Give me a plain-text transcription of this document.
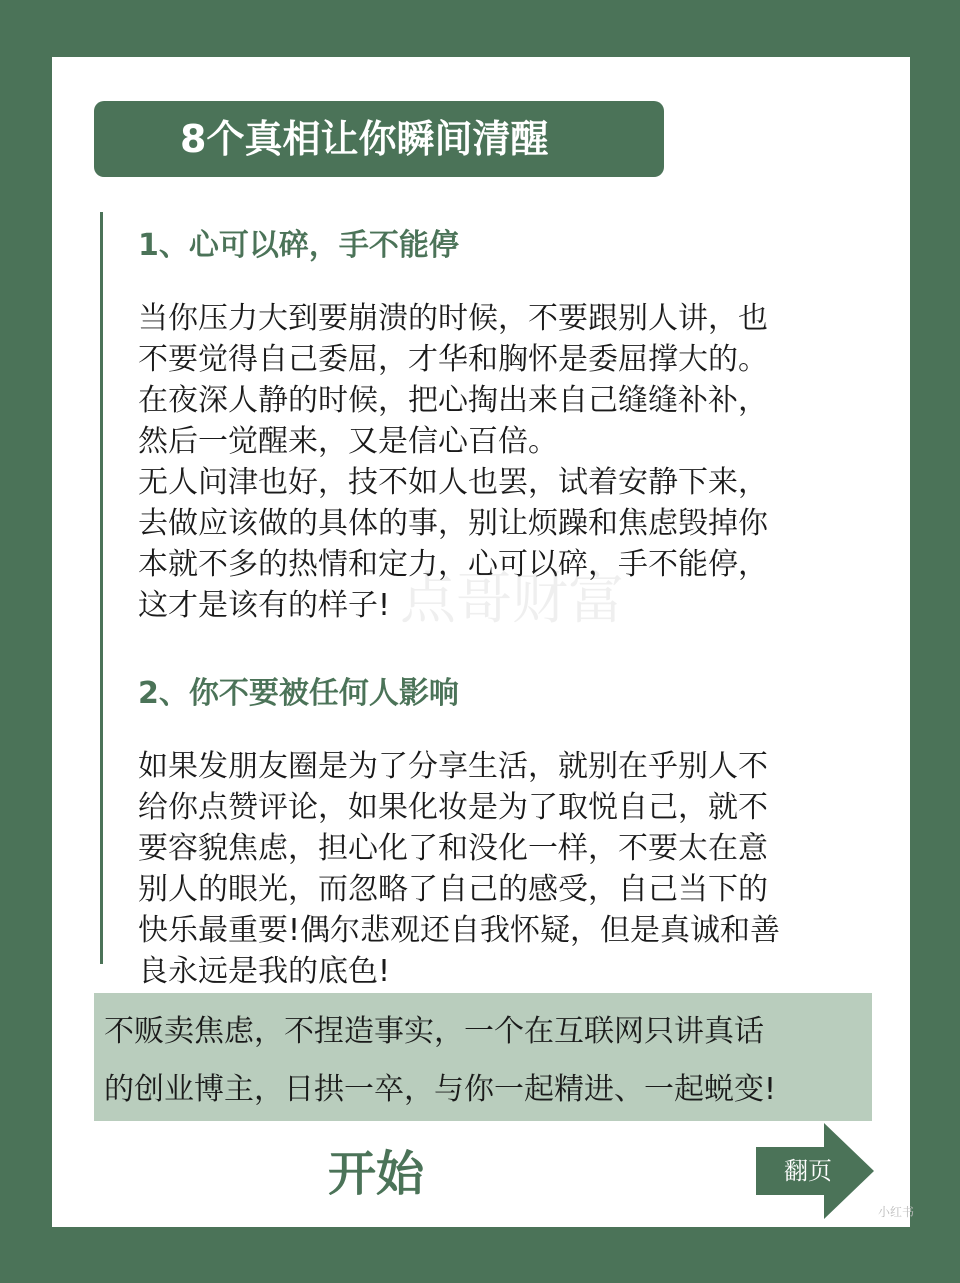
8个真相让你瞬间清醒
1、心可以碎，手不能停
当你压力大到要崩溃的时候，不要跟别人讲，也
不要觉得自己委屈，才华和胸怀是委屈撑大的。
在夜深人静的时候，把心掏出来自己缝缝补补，
然后一觉醒来，又是信心百倍。
无人问津也好，技不如人也罢，试着安静下来，
去做应该做的具体的事，别让烦躁和焦虑毁掉你
本就不多的热情和定力，心可以碎，手不能停，
这才是该有的样子!
2、你不要被任何人影响
如果发朋友圈是为了分享生活，就别在乎别人不
给你点赞评论，如果化妆是为了取悦自己，就不
要容貌焦虑，担心化了和没化一样，不要太在意
别人的眼光，而忽略了自己的感受，自己当下的
快乐最重要!偶尔悲观还自我怀疑，但是真诚和善
良永远是我的底色!
不贩卖焦虑，不捏造事实，一个在互联网只讲真话
的创业博主，日拱一卒，与你一起精进、一起蜕变!
开始	翻页
小红书
